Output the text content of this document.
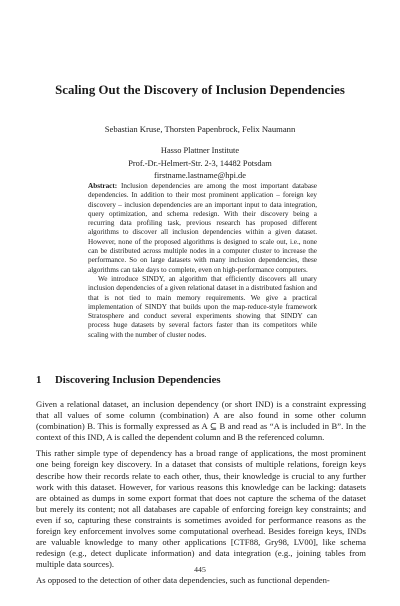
Scaling Out the Discovery of Inclusion Dependencies
Sebastian Kruse, Thorsten Papenbrock, Felix Naumann
Hasso Plattner Institute
Prof.-Dr.-Helmert-Str. 2-3, 14482 Potsdam
firstname.lastname@hpi.de

Abstract: Inclusion dependencies are among the most important database dependencies. In addition to their most prominent application – foreign key discovery – inclusion dependencies are an important input to data integration, query optimization, and schema redesign. With their discovery being a recurring data profiling task, previous research has proposed different algorithms to discover all inclusion dependencies within a given dataset. However, none of the proposed algorithms is designed to scale out, i.e., none can be distributed across multiple nodes in a computer cluster to increase the performance. So on large datasets with many inclusion dependencies, these algorithms can take days to complete, even on high-performance computers.

We introduce SINDY, an algorithm that efficiently discovers all unary inclusion dependencies of a given relational dataset in a distributed fashion and that is not tied to main memory requirements. We give a practical implementation of SINDY that builds upon the map-reduce-style framework Stratosphere and conduct several experiments showing that SINDY can process huge datasets by several factors faster than its competitors while scaling with the number of cluster nodes.

1 Discovering Inclusion Dependencies

Given a relational dataset, an inclusion dependency (or short IND) is a constraint expressing that all values of some column (combination) A are also found in some other column (combination) B. This is formally expressed as A ⊆ B and read as “A is included in B”. In the context of this IND, A is called the dependent column and B the referenced column.

This rather simple type of dependency has a broad range of applications, the most prominent one being foreign key discovery. In a dataset that consists of multiple relations, foreign keys describe how their records relate to each other, thus, their knowledge is crucial to any further work with this dataset. However, for various reasons this knowledge can be lacking: datasets are obtained as dumps in some export format that does not capture the schema of the dataset but merely its content; not all databases are capable of enforcing foreign key constraints; and even if so, capturing these constraints is sometimes avoided for performance reasons as the foreign key enforcement involves some computational overhead. Besides foreign keys, INDs are valuable knowledge to many other applications [CTF88, Gry98, LV00], like schema redesign (e.g., detect duplicate information) and data integration (e.g., joining tables from multiple data sources).

As opposed to the detection of other data dependencies, such as functional dependen-

445
